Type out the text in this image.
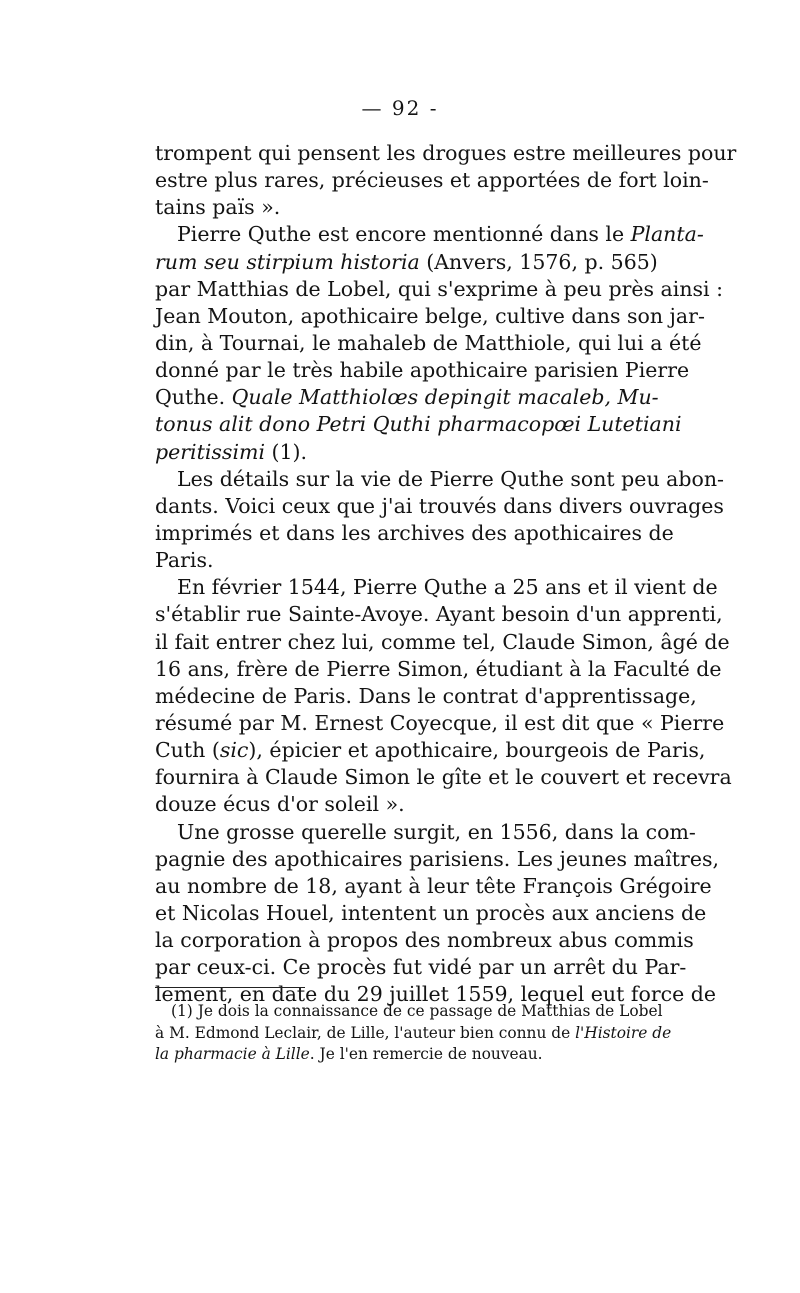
— 92 -
trompent qui pensent les drogues estre meilleures pour
estre plus rares, précieuses et apportées de fort loin-
tains païs ».
Pierre Quthe est encore mentionné dans le Planta-
rum seu stirpium historia (Anvers, 1576, p. 565)
par Matthias de Lobel, qui s'exprime à peu près ainsi :
Jean Mouton, apothicaire belge, cultive dans son jar-
din, à Tournai, le mahaleb de Matthiole, qui lui a été
donné par le très habile apothicaire parisien Pierre
Quthe. Quale Matthiolœs depingit macaleb, Mu-
tonus alit dono Petri Quthi pharmacopœi Lutetiani
peritissimi (1).
Les détails sur la vie de Pierre Quthe sont peu abon-
dants. Voici ceux que j'ai trouvés dans divers ouvrages
imprimés et dans les archives des apothicaires de
Paris.
En février 1544, Pierre Quthe a 25 ans et il vient de
s'établir rue Sainte-Avoye. Ayant besoin d'un apprenti,
il fait entrer chez lui, comme tel, Claude Simon, âgé de
16 ans, frère de Pierre Simon, étudiant à la Faculté de
médecine de Paris. Dans le contrat d'apprentissage,
résumé par M. Ernest Coyecque, il est dit que « Pierre
Cuth (sic), épicier et apothicaire, bourgeois de Paris,
fournira à Claude Simon le gîte et le couvert et recevra
douze écus d'or soleil ».
Une grosse querelle surgit, en 1556, dans la com-
pagnie des apothicaires parisiens. Les jeunes maîtres,
au nombre de 18, ayant à leur tête François Grégoire
et Nicolas Houel, intentent un procès aux anciens de
la corporation à propos des nombreux abus commis
par ceux-ci. Ce procès fut vidé par un arrêt du Par-
lement, en date du 29 juillet 1559, lequel eut force de
(1) Je dois la connaissance de ce passage de Matthias de Lobel
à M. Edmond Leclair, de Lille, l'auteur bien connu de l'Histoire de
la pharmacie à Lille. Je l'en remercie de nouveau.
